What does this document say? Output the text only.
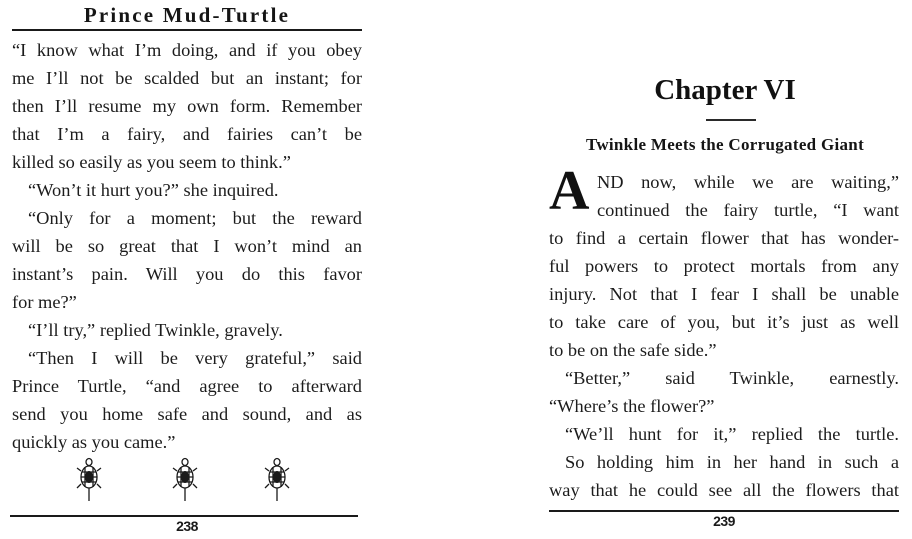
Prince Mud-Turtle
“I know what I’m doing, and if you obey
me I’ll not be scalded but an instant; for
then I’ll resume my own form. Remember
that I’m a fairy, and fairies can’t be
killed so easily as you seem to think.”
“Won’t it hurt you?” she inquired.
“Only for a moment; but the reward
will be so great that I won’t mind an
instant’s pain. Will you do this favor
for me?”
“I’ll try,” replied Twinkle, gravely.
“Then I will be very grateful,” said
Prince Turtle, “and agree to afterward
send you home safe and sound, and as
quickly as you came.”
238
Chapter VI
Twinkle Meets the Corrugated Giant
A ND now, while we are waiting,”
continued the fairy turtle, “I want
to find a certain flower that has wonder-
ful powers to protect mortals from any
injury. Not that I fear I shall be unable
to take care of you, but it’s just as well
to be on the safe side.”
“Better,” said Twinkle, earnestly.
“Where’s the flower?”
“We’ll hunt for it,” replied the turtle.
So holding him in her hand in such a
way that he could see all the flowers that
239
